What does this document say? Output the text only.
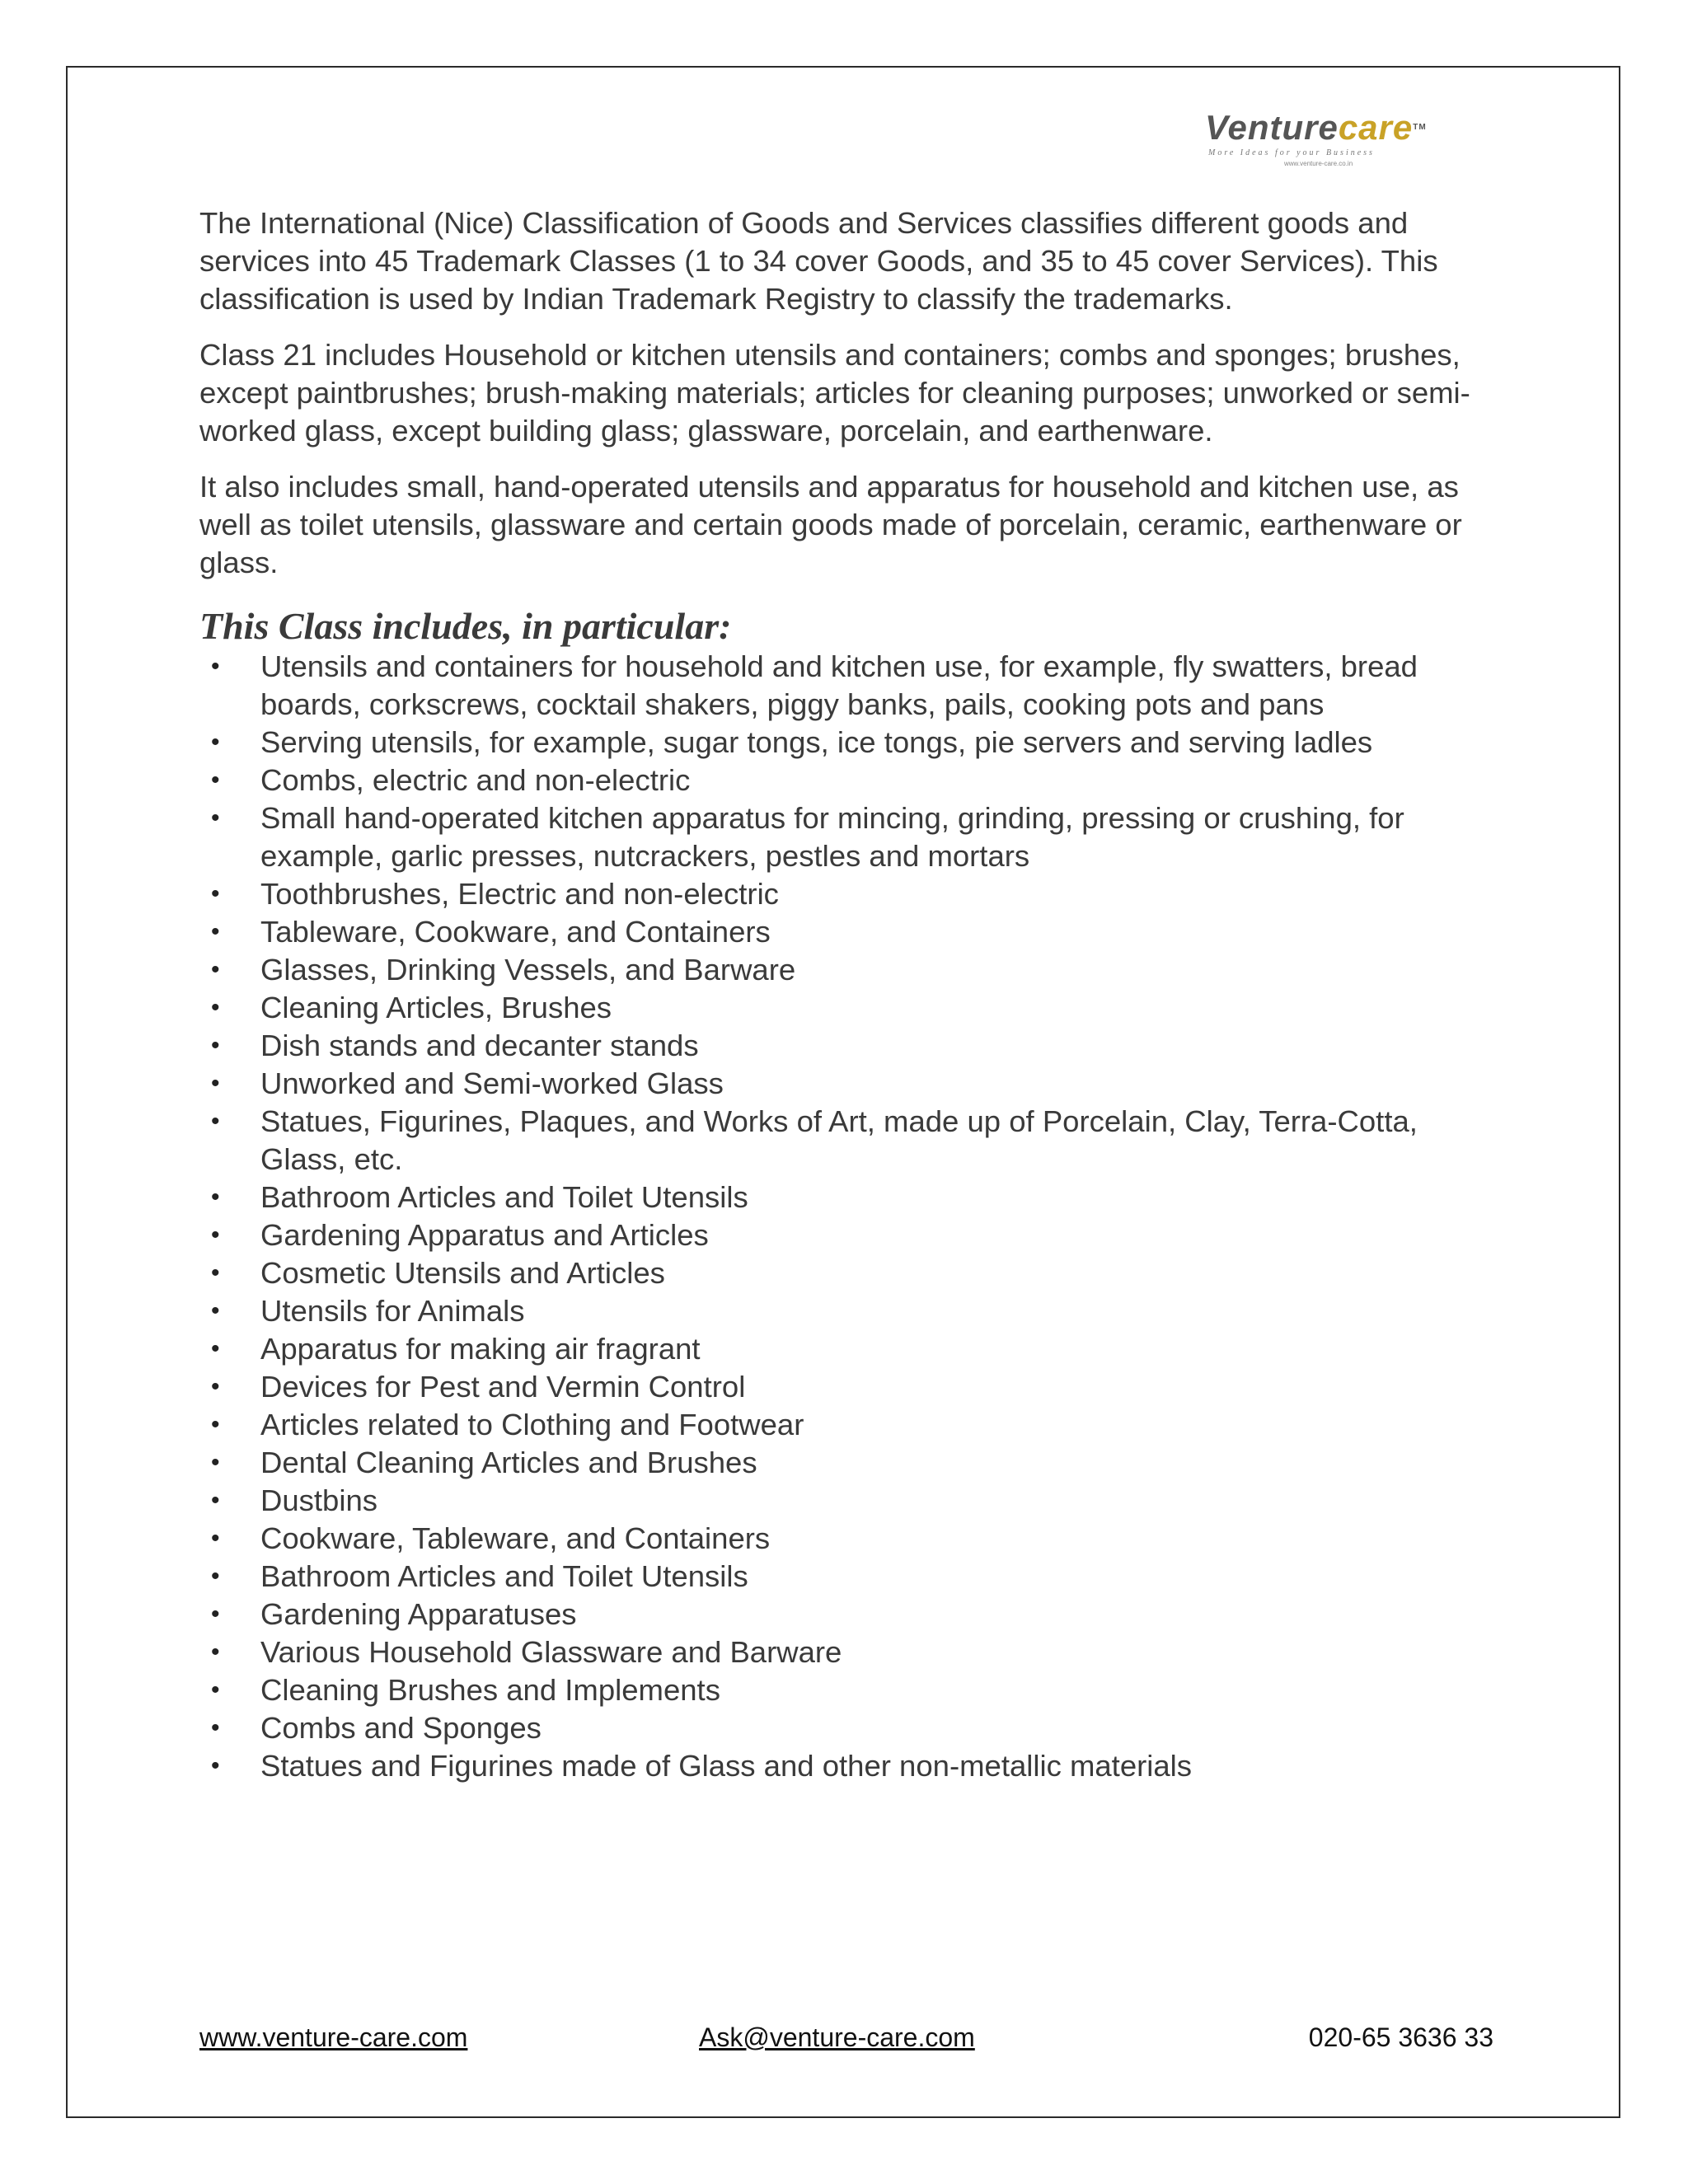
Venturecare™
More Ideas for your Business
www.venture-care.co.in

The International (Nice) Classification of Goods and Services classifies different goods and services into 45 Trademark Classes (1 to 34 cover Goods, and 35 to 45 cover Services). This classification is used by Indian Trademark Registry to classify the trademarks.

Class 21 includes Household or kitchen utensils and containers; combs and sponges; brushes, except paintbrushes; brush-making materials; articles for cleaning purposes; unworked or semi-worked glass, except building glass; glassware, porcelain, and earthenware.

It also includes small, hand-operated utensils and apparatus for household and kitchen use, as well as toilet utensils, glassware and certain goods made of porcelain, ceramic, earthenware or glass.

This Class includes, in particular:
• Utensils and containers for household and kitchen use, for example, fly swatters, bread boards, corkscrews, cocktail shakers, piggy banks, pails, cooking pots and pans
• Serving utensils, for example, sugar tongs, ice tongs, pie servers and serving ladles
• Combs, electric and non-electric
• Small hand-operated kitchen apparatus for mincing, grinding, pressing or crushing, for example, garlic presses, nutcrackers, pestles and mortars
• Toothbrushes, Electric and non-electric
• Tableware, Cookware, and Containers
• Glasses, Drinking Vessels, and Barware
• Cleaning Articles, Brushes
• Dish stands and decanter stands
• Unworked and Semi-worked Glass
• Statues, Figurines, Plaques, and Works of Art, made up of Porcelain, Clay, Terra-Cotta, Glass, etc.
• Bathroom Articles and Toilet Utensils
• Gardening Apparatus and Articles
• Cosmetic Utensils and Articles
• Utensils for Animals
• Apparatus for making air fragrant
• Devices for Pest and Vermin Control
• Articles related to Clothing and Footwear
• Dental Cleaning Articles and Brushes
• Dustbins
• Cookware, Tableware, and Containers
• Bathroom Articles and Toilet Utensils
• Gardening Apparatuses
• Various Household Glassware and Barware
• Cleaning Brushes and Implements
• Combs and Sponges
• Statues and Figurines made of Glass and other non-metallic materials
www.venture-care.com	Ask@venture-care.com	020-65 3636 33
